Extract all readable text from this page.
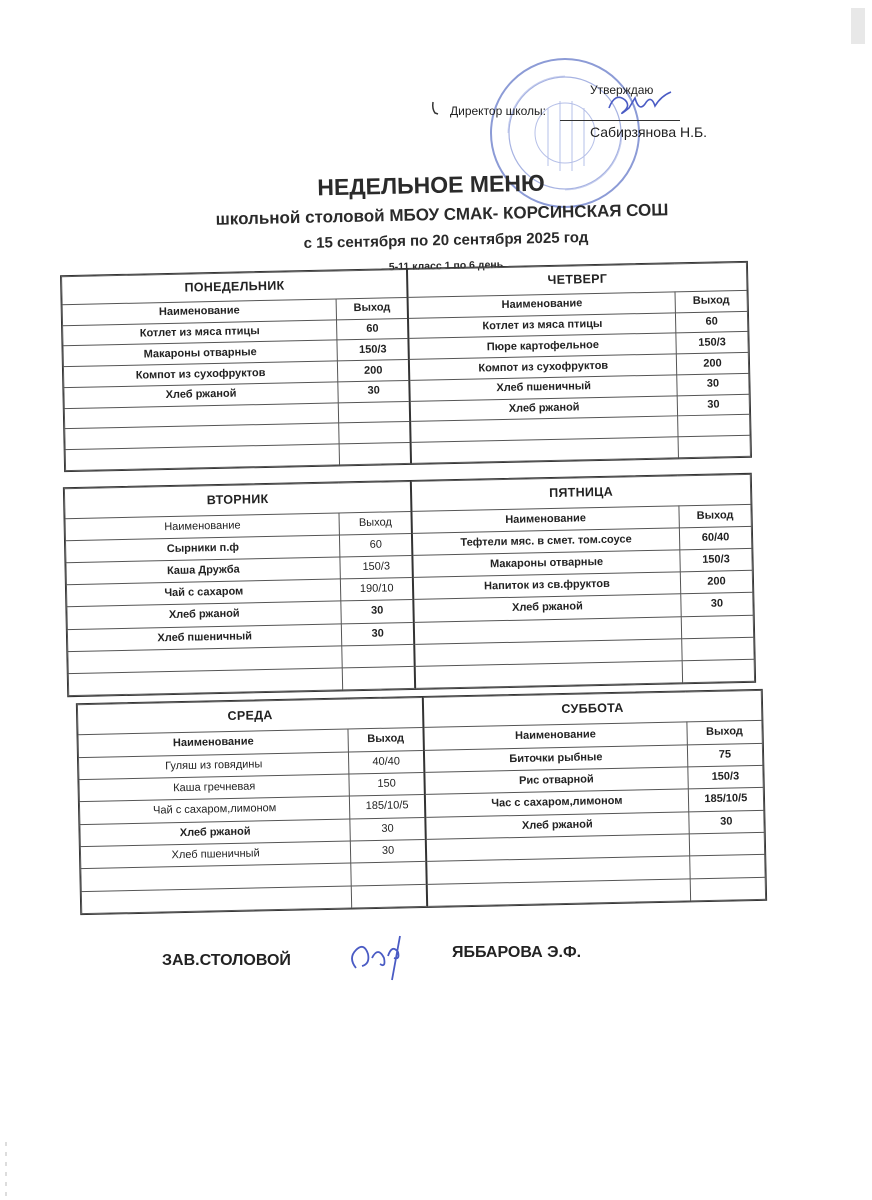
Утверждаю
Директор школы:
Сабирзянова Н.Б.
НЕДЕЛЬНОЕ МЕНЮ
школьной столовой МБОУ СМАК- КОРСИНСКАЯ СОШ
с 15 сентября по 20 сентября 2025 год
5-11 класс 1 по 6 день
ПОНЕДЕЛЬНИК		ЧЕТВЕРГ	
Наименование	Выход	Наименование	Выход
Котлет из мяса птицы	60	Котлет из мяса птицы	60
Макароны отварные	150/3	Пюре картофельное	150/3
Компот из сухофруктов	200	Компот из сухофруктов	200
Хлеб ржаной	30	Хлеб пшеничный	30
		Хлеб ржаной	30

ВТОРНИК		ПЯТНИЦА	
Наименование	Выход	Наименование	Выход
Сырники п.ф	60	Тефтели мяс. в смет. том.соусе	60/40
Каша Дружба	150/3	Макароны отварные	150/3
Чай с сахаром	190/10	Напиток из св.фруктов	200
Хлеб ржаной	30	Хлеб ржаной	30
Хлеб пшеничный	30		

СРЕДА		СУББОТА	
Наименование	Выход	Наименование	Выход
Гуляш из говядины	40/40	Биточки рыбные	75
Каша гречневая	150	Рис отварной	150/3
Чай с сахаром,лимоном	185/10/5	Час с сахаром,лимоном	185/10/5
Хлеб ржаной	30	Хлеб ржаной	30
Хлеб пшеничный	30		

ЗАВ.СТОЛОВОЙ	ЯББАРОВА Э.Ф.
